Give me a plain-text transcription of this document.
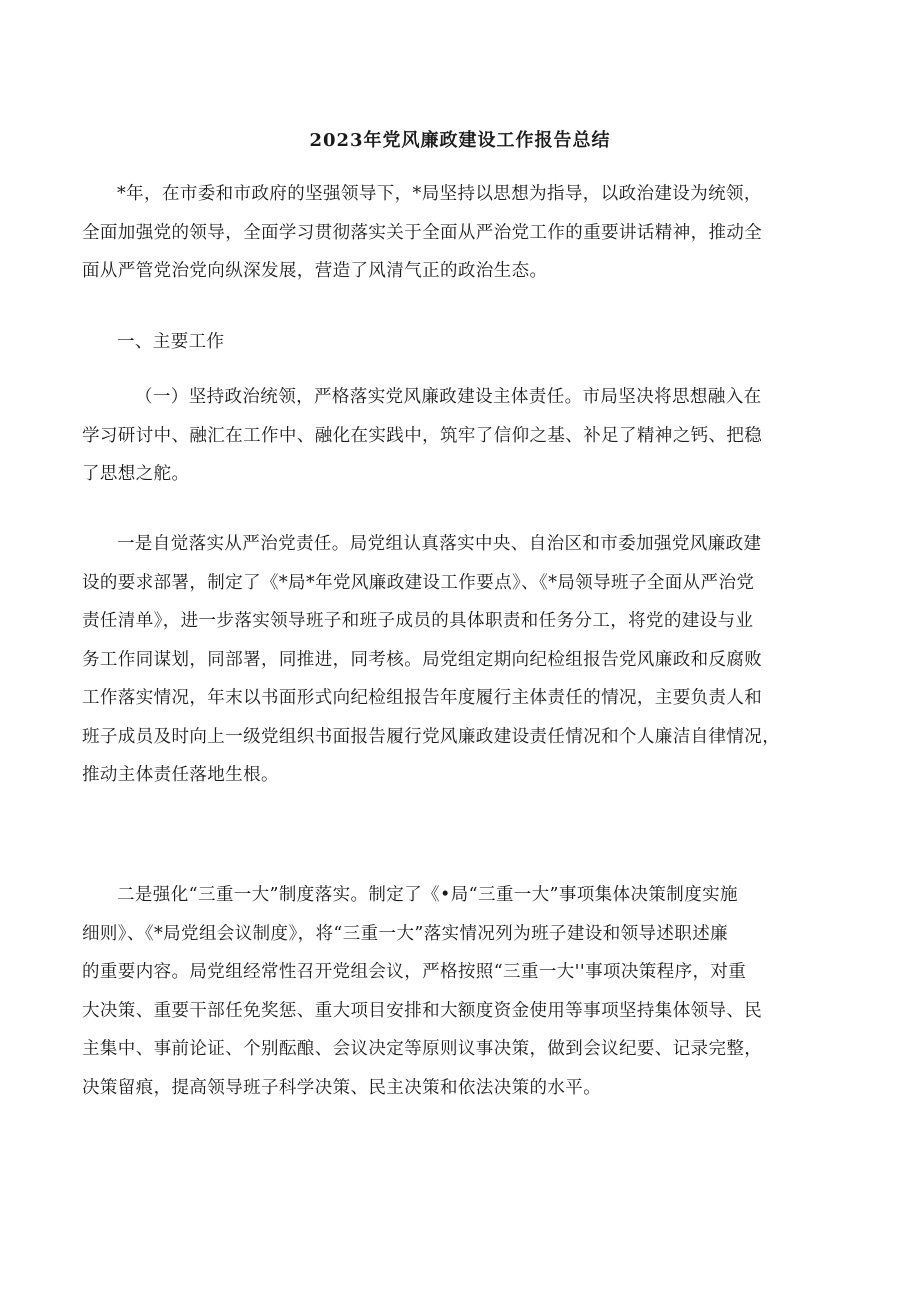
2023年党风廉政建设工作报告总结
*年，在市委和市政府的坚强领导下，*局坚持以思想为指导，以政治建设为统领，
全面加强党的领导，全面学习贯彻落实关于全面从严治党工作的重要讲话精神，推动全
面从严管党治党向纵深发展，营造了风清气正的政治生态。
一、主要工作
（一）坚持政治统领，严格落实党风廉政建设主体责任。市局坚决将思想融入在
学习研讨中、融汇在工作中、融化在实践中，筑牢了信仰之基、补足了精神之钙、把稳
了思想之舵。
一是自觉落实从严治党责任。局党组认真落实中央、自治区和市委加强党风廉政建
设的要求部署，制定了《*局*年党风廉政建设工作要点》、《*局领导班子全面从严治党
责任清单》，进一步落实领导班子和班子成员的具体职责和任务分工，将党的建设与业
务工作同谋划，同部署，同推进，同考核。局党组定期向纪检组报告党风廉政和反腐败
工作落实情况，年末以书面形式向纪检组报告年度履行主体责任的情况，主要负责人和
班子成员及时向上一级党组织书面报告履行党风廉政建设责任情况和个人廉洁自律情况，
推动主体责任落地生根。
二是强化“三重一大”制度落实。制定了《•局“三重一大”事项集体决策制度实施
细则》、《*局党组会议制度》，将“三重一大”落实情况列为班子建设和领导述职述廉
的重要内容。局党组经常性召开党组会议，严格按照“三重一大''事项决策程序，对重
大决策、重要干部任免奖惩、重大项目安排和大额度资金使用等事项坚持集体领导、民
主集中、事前论证、个别酝酿、会议决定等原则议事决策，做到会议纪要、记录完整，
决策留痕，提高领导班子科学决策、民主决策和依法决策的水平。
